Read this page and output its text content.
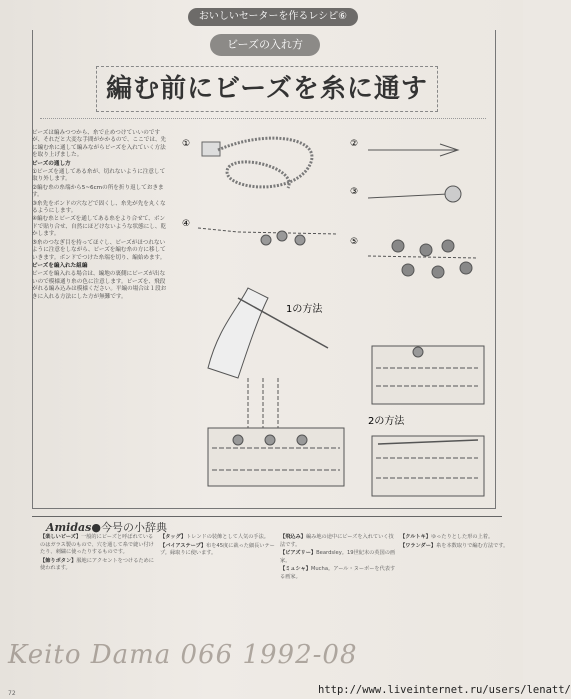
おいしいセーターを作るレシピ⑥
ビーズの入れ方
編む前にビーズを糸に通す

ビーズは編みつつから、糸で止めつけていいのですが、それだと大変な手間がかかるので、ここでは、先に編む糸に通して編みながらビーズを入れていく方法を取り上げました。

ビーズの通し方

①ビーズを通してある糸が、切れないように注意して取り外します。

②編む糸の糸端から5~6cmの所を折り返しておきます。

③糸先をボンドの穴などで固くし、糸先が先を丸くなるようにします。

④編む糸とビーズを通してある糸をより合せて、ボンドで貼り合せ、自然にほどけないような状態にし、乾かします。

⑤糸のつなぎ目を持ってほぐし、ビーズがほつれないように注意をしながら、ビーズを編む糸の方に移していきます。ボンドでつけた糸端を切り、編始めます。

ビーズを編入れた組編

ビーズを編入れる場合は、編地の裏側にビーズが出ないので模様通り糸の色に注意します。ビーズを、飛段がれる編み込みは模様ください。平編の場合は１段おきに入れる方法にした方が無難です。

①	②
③
④
⑤
1の方法
2の方法
Amidas●今号の小辞典

【楽しいビーズ】一般的にビーズと呼ばれているのはガラス製のもので、穴を通して糸で縫い付けたり、刺繍に使ったりするものです。

【飾りボタン】服地にアクセントをつけるために使われます。

【タッグ】トレンドの装飾として人気の手法。

【バイアステープ】布を45度に裁った細長いテープ。縁取りに使います。

【飛込み】編み地の途中にビーズを入れていく技法です。

【ビアズリー】Beardsley。19世紀末の英国の画家。

【ミュシャ】Mucha。アール・ヌーボーを代表する画家。

【クルトキ】ゆったりとした形の上着。

【ワランダー】糸を本数取りで編む方法です。

Keito Dama 066 1992-08
72	http://www.liveinternet.ru/users/lenatt/
